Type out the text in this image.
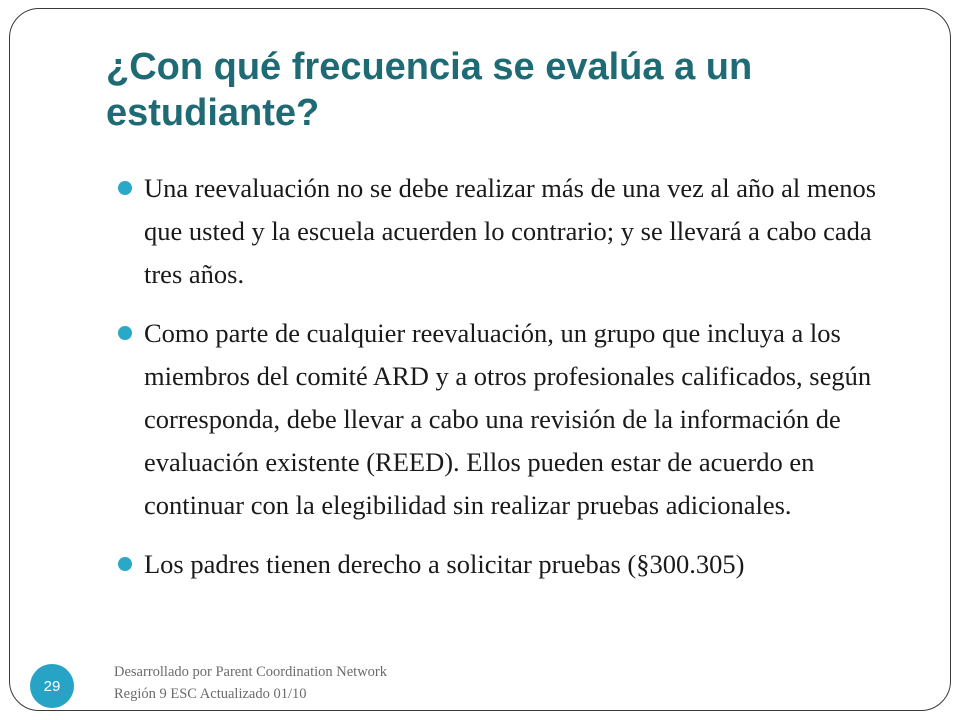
¿Con qué frecuencia se evalúa a un estudiante?
Una reevaluación no se debe realizar más de una vez al año al menos que usted y la escuela acuerden lo contrario; y se llevará a cabo cada tres años.
Como parte de cualquier reevaluación, un grupo que incluya a los miembros del comité ARD y a otros profesionales calificados, según corresponda, debe llevar a cabo una revisión de la información de evaluación existente (REED). Ellos pueden estar de acuerdo en continuar con la elegibilidad sin realizar pruebas adicionales.
Los padres tienen derecho a solicitar pruebas (§300.305)
29
Desarrollado por Parent Coordination Network
Región 9 ESC Actualizado 01/10
